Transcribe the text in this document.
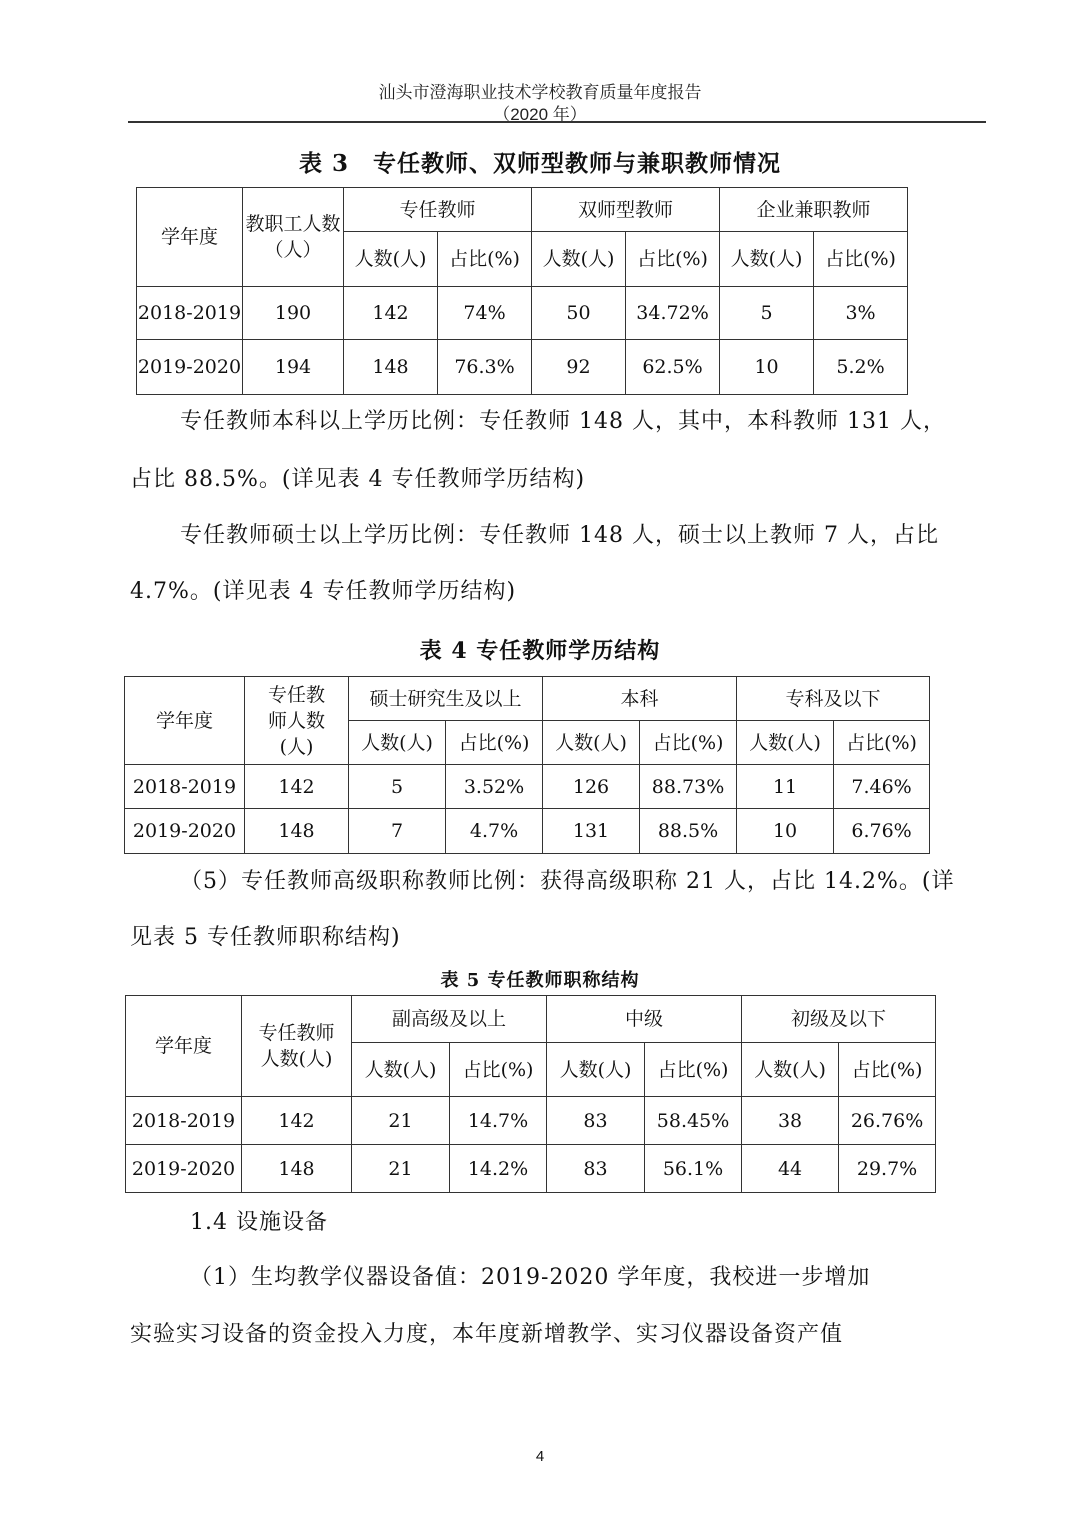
汕头市澄海职业技术学校教育质量年度报告
（2020 年）
表 3　专任教师、双师型教师与兼职教师情况
学年度	教职工人数（人）	专任教师		双师型教师		企业兼职教师	
		人数(人)	占比(%)	人数(人)	占比(%)	人数(人)	占比(%)
2018-2019	190	142	74%	50	34.72%	5	3%
2019-2020	194	148	76.3%	92	62.5%	10	5.2%
专任教师本科以上学历比例：专任教师 148 人，其中，本科教师 131 人，
占比 88.5%。(详见表 4 专任教师学历结构)
专任教师硕士以上学历比例：专任教师 148 人，硕士以上教师 7 人，占比
4.7%。(详见表 4 专任教师学历结构)
表 4 专任教师学历结构
学年度	专任教师人数(人)	硕士研究生及以上		本科		专科及以下	
		人数(人)	占比(%)	人数(人)	占比(%)	人数(人)	占比(%)
2018-2019	142	5	3.52%	126	88.73%	11	7.46%
2019-2020	148	7	4.7%	131	88.5%	10	6.76%
（5）专任教师高级职称教师比例：获得高级职称 21 人，占比 14.2%。(详
见表 5 专任教师职称结构)
表 5 专任教师职称结构
学年度	专任教师人数(人)	副高级及以上		中级		初级及以下	
		人数(人)	占比(%)	人数(人)	占比(%)	人数(人)	占比(%)
2018-2019	142	21	14.7%	83	58.45%	38	26.76%
2019-2020	148	21	14.2%	83	56.1%	44	29.7%
1.4 设施设备
（1）生均教学仪器设备值：2019-2020 学年度，我校进一步增加
实验实习设备的资金投入力度，本年度新增教学、实习仪器设备资产值
4
